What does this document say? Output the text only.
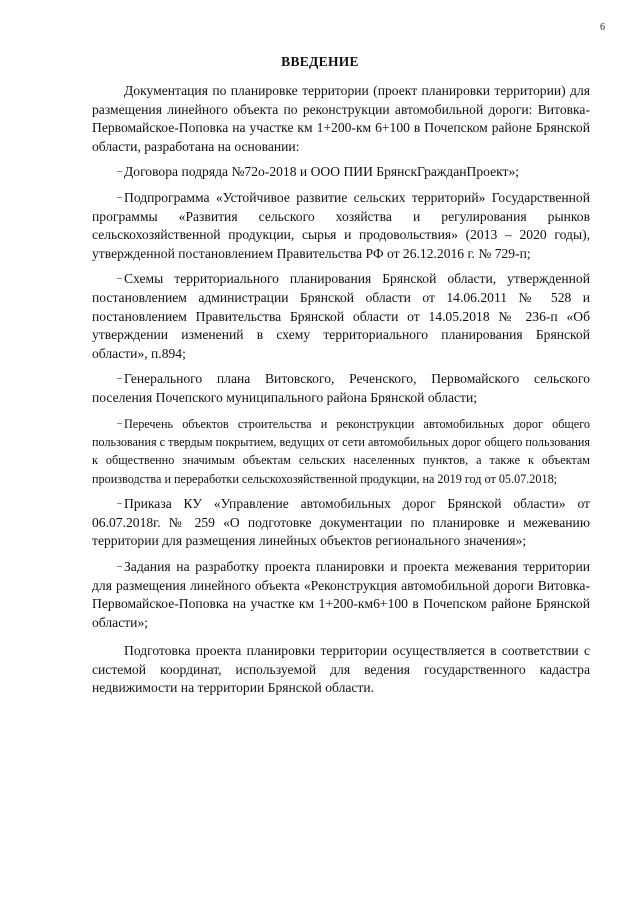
6
ВВЕДЕНИЕ

Документация по планировке территории (проект планировки территории) для размещения линейного объекта по реконструкции автомобильной дороги: Витовка-Первомайское-Поповка на участке км 1+200-км 6+100 в Почепском районе Брянской области, разработана на основании:

– Договора подряда №72о-2018 и ООО ПИИ БрянскГражданПроект»;

– Подпрограмма «Устойчивое развитие сельских территорий» Государственной программы «Развития сельского хозяйства и регулирования рынков сельскохозяйственной продукции, сырья и продовольствия» (2013 – 2020 годы), утвержденной постановлением Правительства РФ от 26.12.2016 г. № 729-п;

– Схемы территориального планирования Брянской области, утвержденной постановлением администрации Брянской области от 14.06.2011 № 528 и постановлением Правительства Брянской области от 14.05.2018 № 236-п «Об утверждении изменений в схему территориального планирования Брянской области», п.894;

– Генерального плана Витовского, Реченского, Первомайского сельского поселения Почепского муниципального района Брянской области;

– Перечень объектов строительства и реконструкции автомобильных дорог общего пользования с твердым покрытием, ведущих от сети автомобильных дорог общего пользования к общественно значимым объектам сельских населенных пунктов, а также к объектам производства и переработки сельскохозяйственной продукции, на 2019 год от 05.07.2018;

– Приказа КУ «Управление автомобильных дорог Брянской области» от 06.07.2018г. № 259 «О подготовке документации по планировке и межеванию территории для размещения линейных объектов регионального значения»;

– Задания на разработку проекта планировки и проекта межевания территории для размещения линейного объекта «Реконструкция автомобильной дороги Витовка-Первомайское-Поповка на участке км 1+200-км6+100 в Почепском районе Брянской области»;

Подготовка проекта планировки территории осуществляется в соответствии с системой координат, используемой для ведения государственного кадастра недвижимости на территории Брянской области.
